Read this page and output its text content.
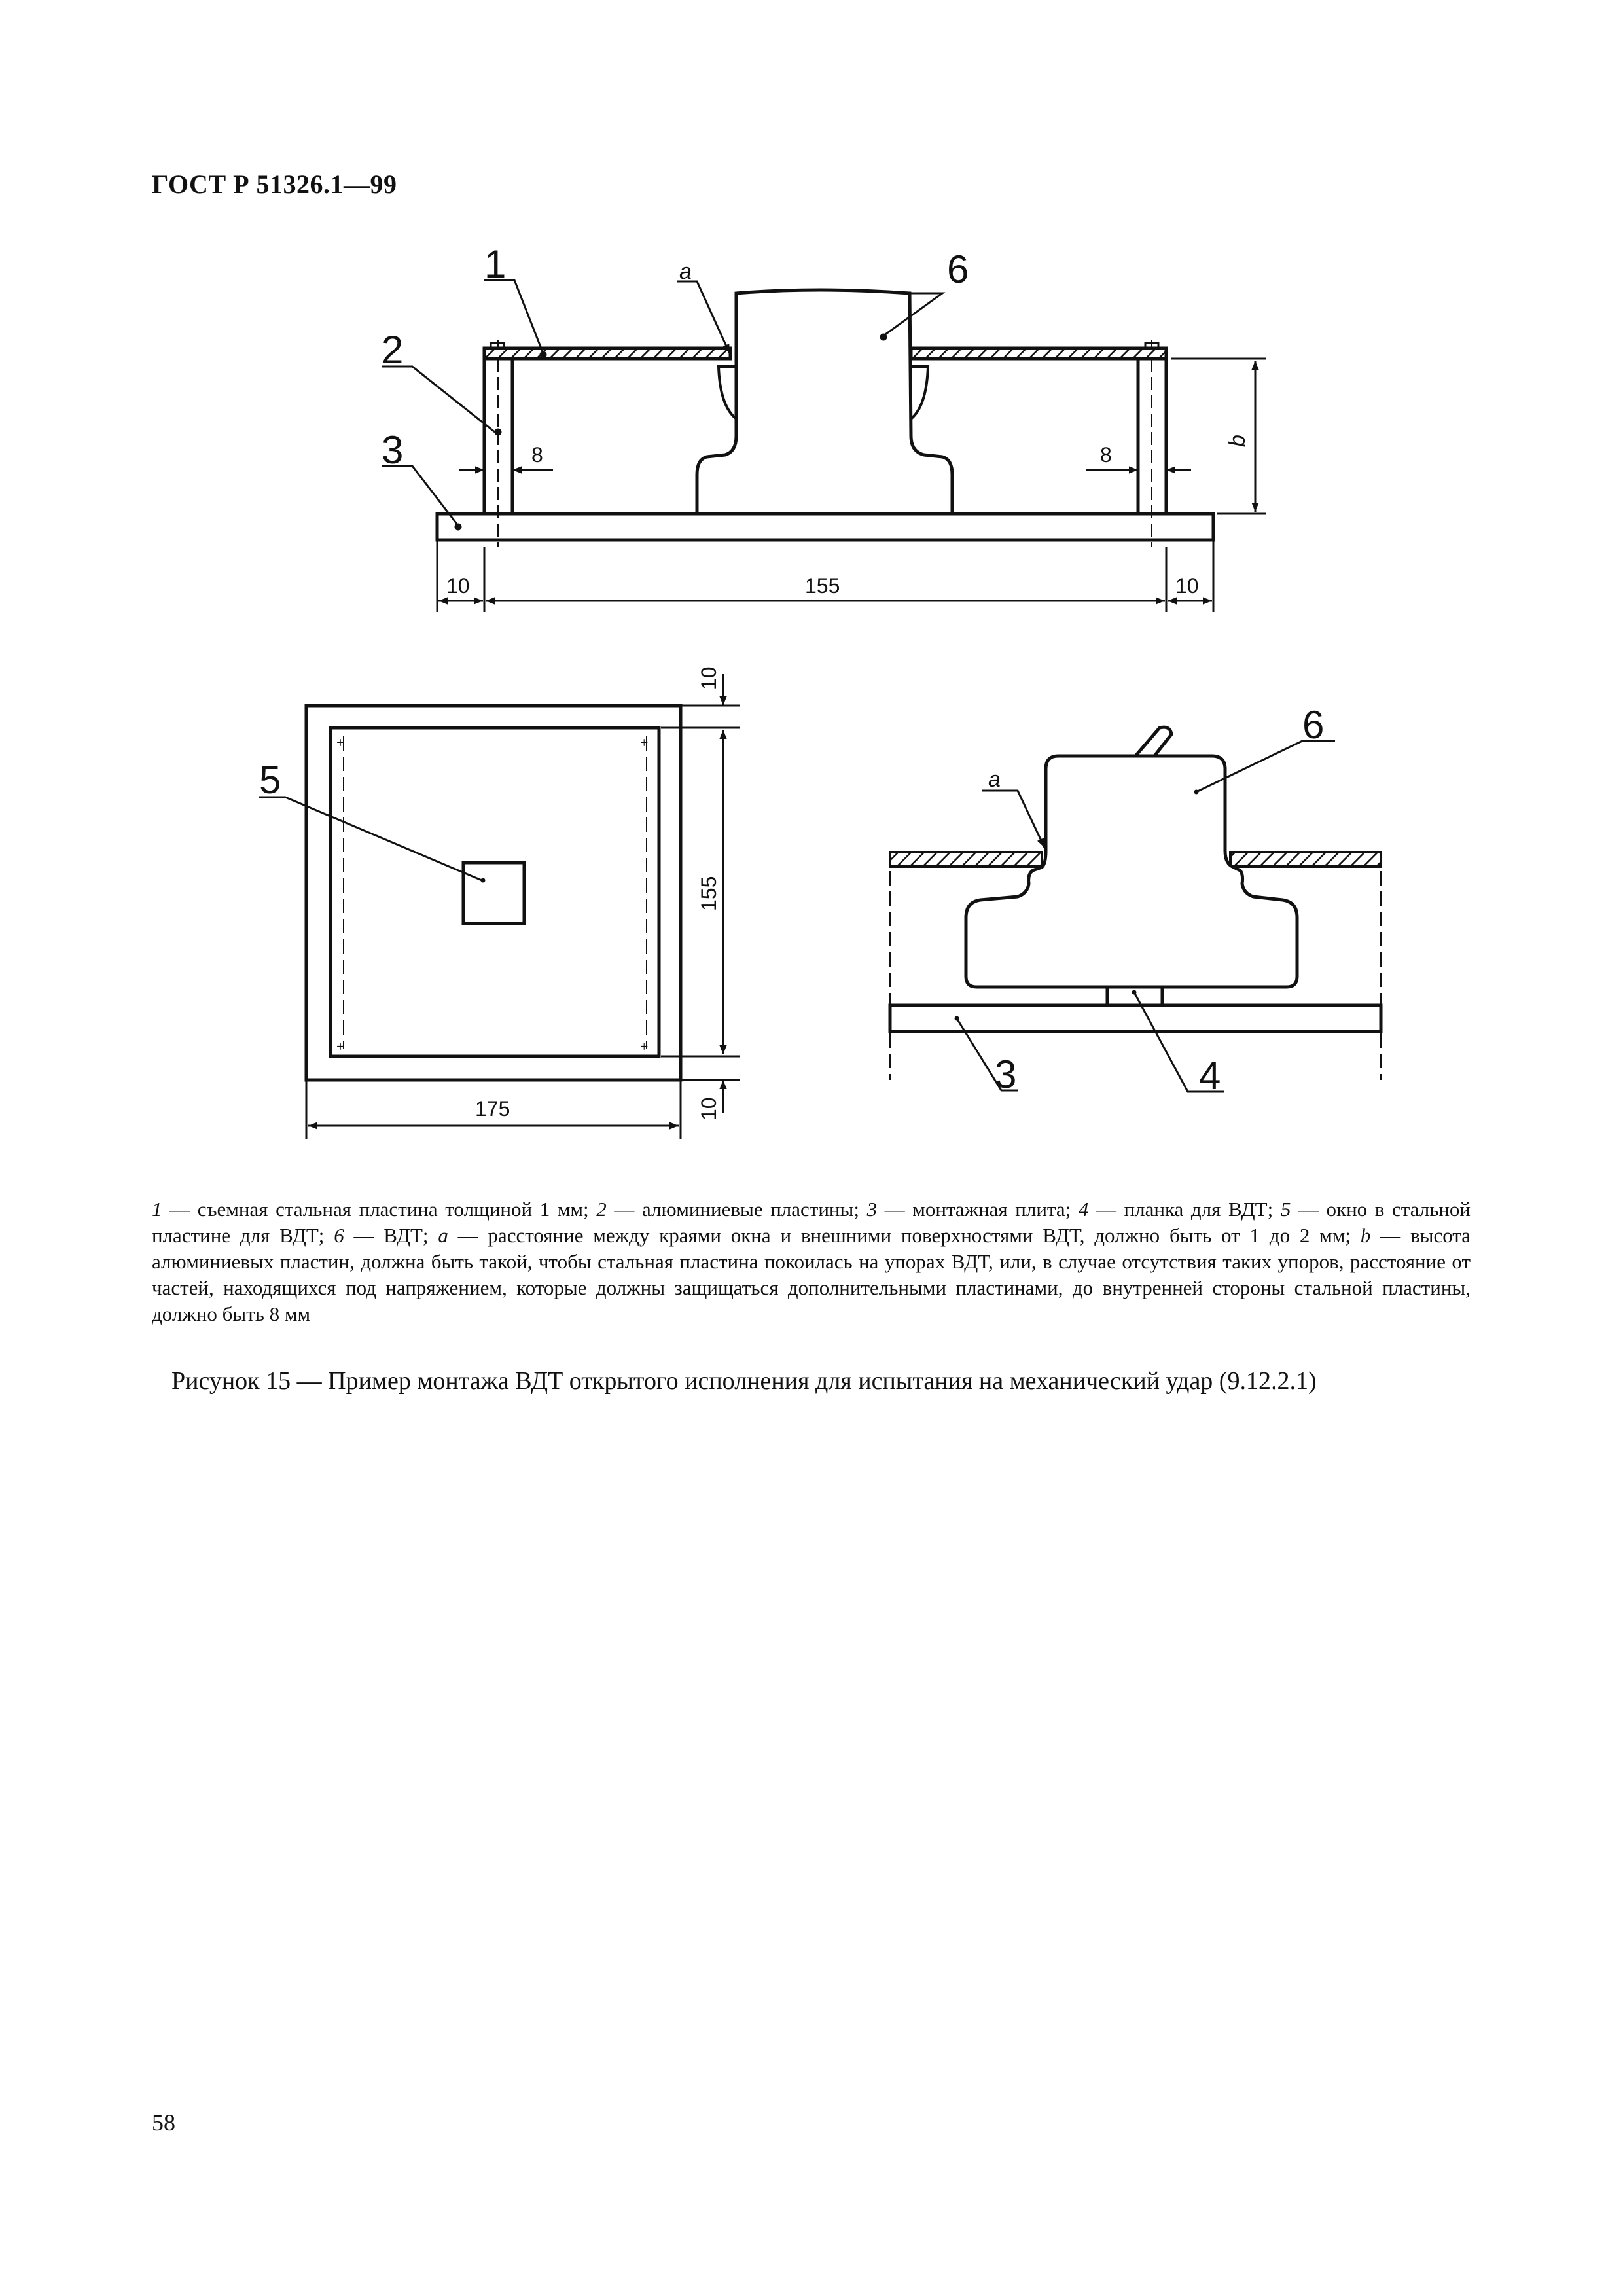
ГОСТ Р 51326.1—99
+	+
+	+
1
2
3
6
a
b
8	8
10	155	10
5
10
155
10
175
6
a
3	4
1 — съемная стальная пластина толщиной 1 мм; 2 — алюминиевые пластины; 3 — монтажная плита; 4 — планка для ВДТ; 5 — окно в стальной пластине для ВДТ; 6 — ВДТ; a — расстояние между краями окна и внешними поверхностями ВДТ, должно быть от 1 до 2 мм; b — высота алюминиевых пластин, должна быть такой, чтобы стальная пластина покоилась на упорах ВДТ, или, в случае отсутствия таких упоров, расстояние от частей, находящихся под напряжением, которые должны защищаться дополнительными пластинами, до внутренней стороны стальной пластины, должно быть 8 мм
Рисунок 15 — Пример монтажа ВДТ открытого исполнения для испытания на механический удар (9.12.2.1)
58
